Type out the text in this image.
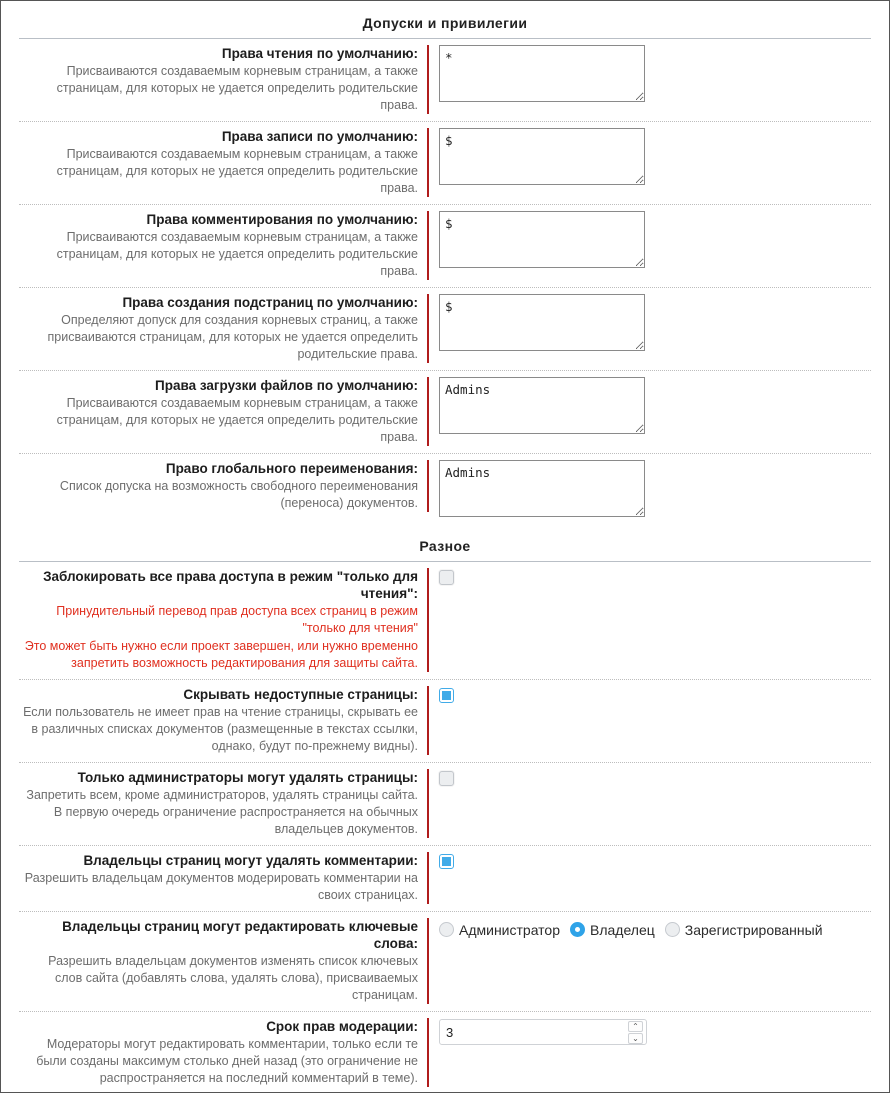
Допуски и привилегии
Права чтения по умолчанию:
Присваиваются создаваемым корневым страницам, а также страницам, для которых не удается определить родительские права.
*
Права записи по умолчанию:
Присваиваются создаваемым корневым страницам, а также страницам, для которых не удается определить родительские права.
$
Права комментирования по умолчанию:
Присваиваются создаваемым корневым страницам, а также страницам, для которых не удается определить родительские права.
$
Права создания подстраниц по умолчанию:
Определяют допуск для создания корневых страниц, а также присваиваются страницам, для которых не удается определить родительские права.
$
Права загрузки файлов по умолчанию:
Присваиваются создаваемым корневым страницам, а также страницам, для которых не удается определить родительские права.
Admins
Право глобального переименования:
Список допуска на возможность свободного переименования (переноса) документов.
Admins
Разное
Заблокировать все права доступа в режим "только для чтения":
Принудительный перевод прав доступа всех страниц в режим "только для чтения"
Это может быть нужно если проект завершен, или нужно временно запретить возможность редактирования для защиты сайта.
Скрывать недоступные страницы:
Если пользователь не имеет прав на чтение страницы, скрывать ее в различных списках документов (размещенные в текстах ссылки, однако, будут по-прежнему видны).
Только администраторы могут удалять страницы:
Запретить всем, кроме администраторов, удалять страницы сайта. В первую очередь ограничение распространяется на обычных владельцев документов.
Владельцы страниц могут удалять комментарии:
Разрешить владельцам документов модерировать комментарии на своих страницах.
Владельцы страниц могут редактировать ключевые слова:
Разрешить владельцам документов изменять список ключевых слов сайта (добавлять слова, удалять слова), присваиваемых страницам.
Администратор Владелец Зарегистрированный
Срок прав модерации:
Модераторы могут редактировать комментарии, только если те были созданы максимум столько дней назад (это ограничение не распространяется на последний комментарий в теме).
3
⌃
⌄
